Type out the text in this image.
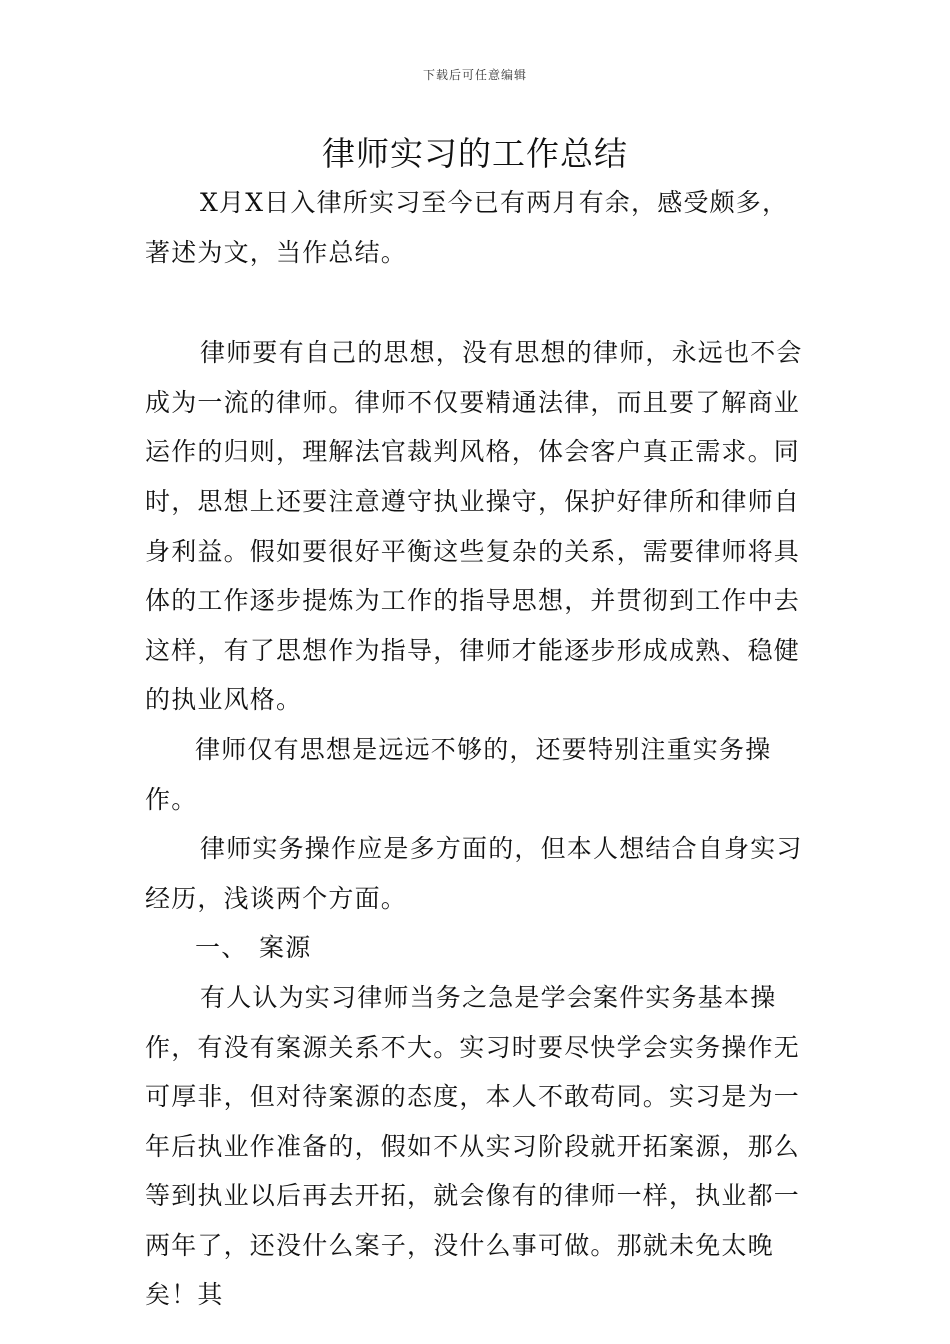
下载后可任意编辑
律师实习的工作总结

X月X日入律所实习至今已有两月有余，感受颇多，著述为文，当作总结。

律师要有自己的思想，没有思想的律师，永远也不会成为一流的律师。律师不仅要精通法律，而且要了解商业运作的归则，理解法官裁判风格，体会客户真正需求。同时，思想上还要注意遵守执业操守，保护好律所和律师自身利益。假如要很好平衡这些复杂的关系，需要律师将具体的工作逐步提炼为工作的指导思想，并贯彻到工作中去这样，有了思想作为指导，律师才能逐步形成成熟、稳健的执业风格。

律师仅有思想是远远不够的，还要特别注重实务操作。

律师实务操作应是多方面的，但本人想结合自身实习经历，浅谈两个方面。

一、 案源

有人认为实习律师当务之急是学会案件实务基本操作，有没有案源关系不大。实习时要尽快学会实务操作无可厚非，但对待案源的态度，本人不敢苟同。实习是为一年后执业作准备的，假如不从实习阶段就开拓案源，那么等到执业以后再去开拓，就会像有的律师一样，执业都一两年了，还没什么案子，没什么事可做。那就未免太晚矣！其
